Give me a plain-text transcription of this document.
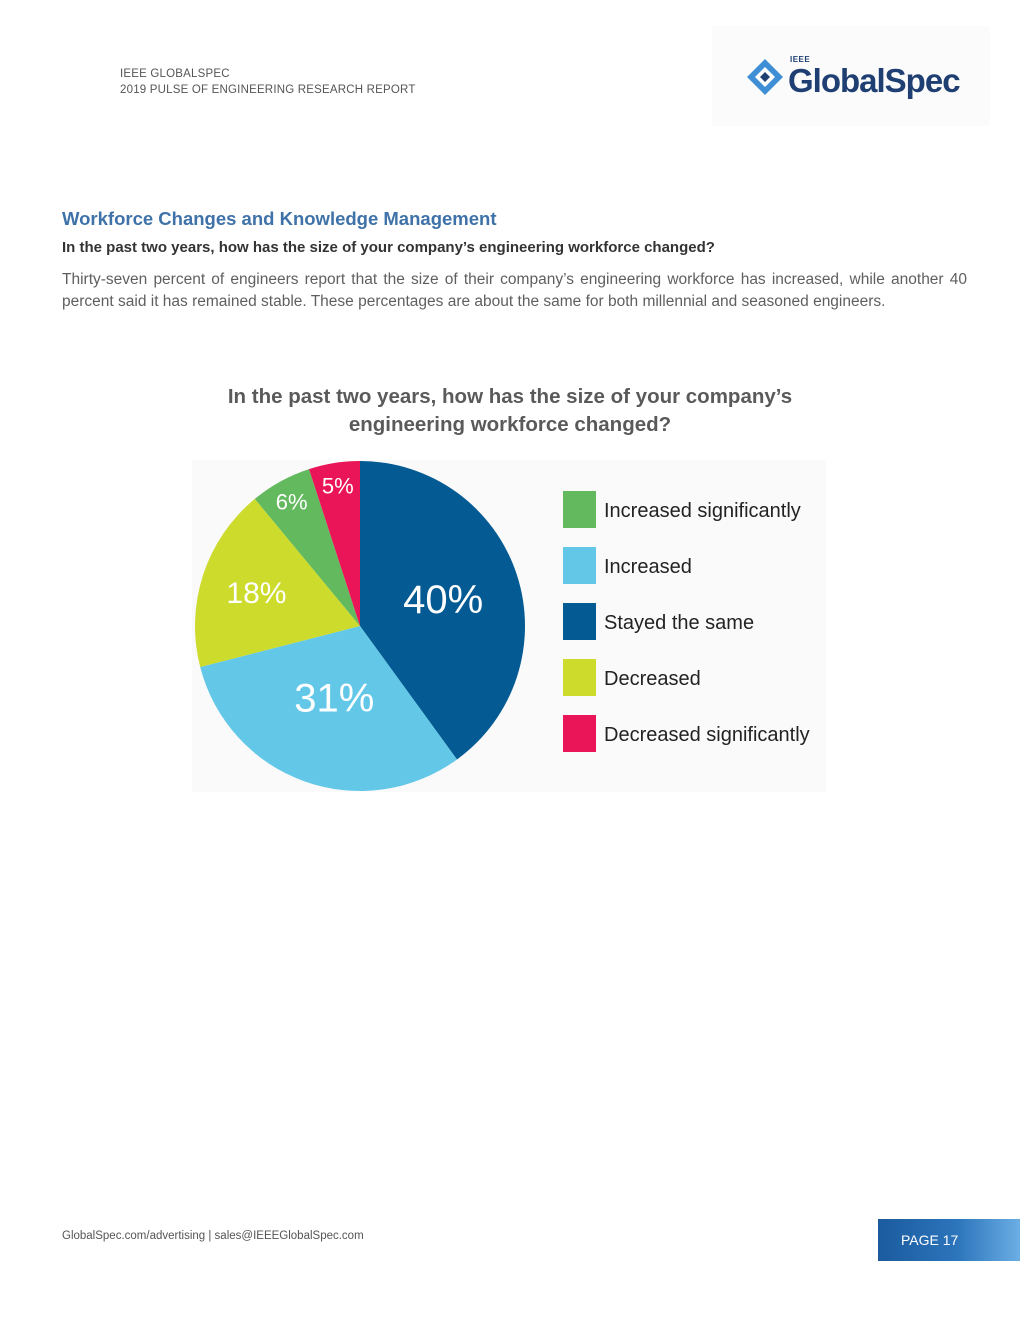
IEEE GLOBALSPEC
2019 PULSE OF ENGINEERING RESEARCH REPORT
IEEE
GlobalSpec
Workforce Changes and Knowledge Management
In the past two years, how has the size of your company’s engineering workforce changed?
Thirty-seven percent of engineers report that the size of their company’s engineering workforce has increased, while another 40 percent said it has remained stable. These percentages are about the same for both millennial and seasoned engineers.
In the past two years, how has the size of your company’s
engineering workforce changed?
40%
31%
18%
6%
5%
Increased significantly
Increased
Stayed the same
Decreased
Decreased significantly
GlobalSpec.com/advertising | sales@IEEEGlobalSpec.com	PAGE 17
